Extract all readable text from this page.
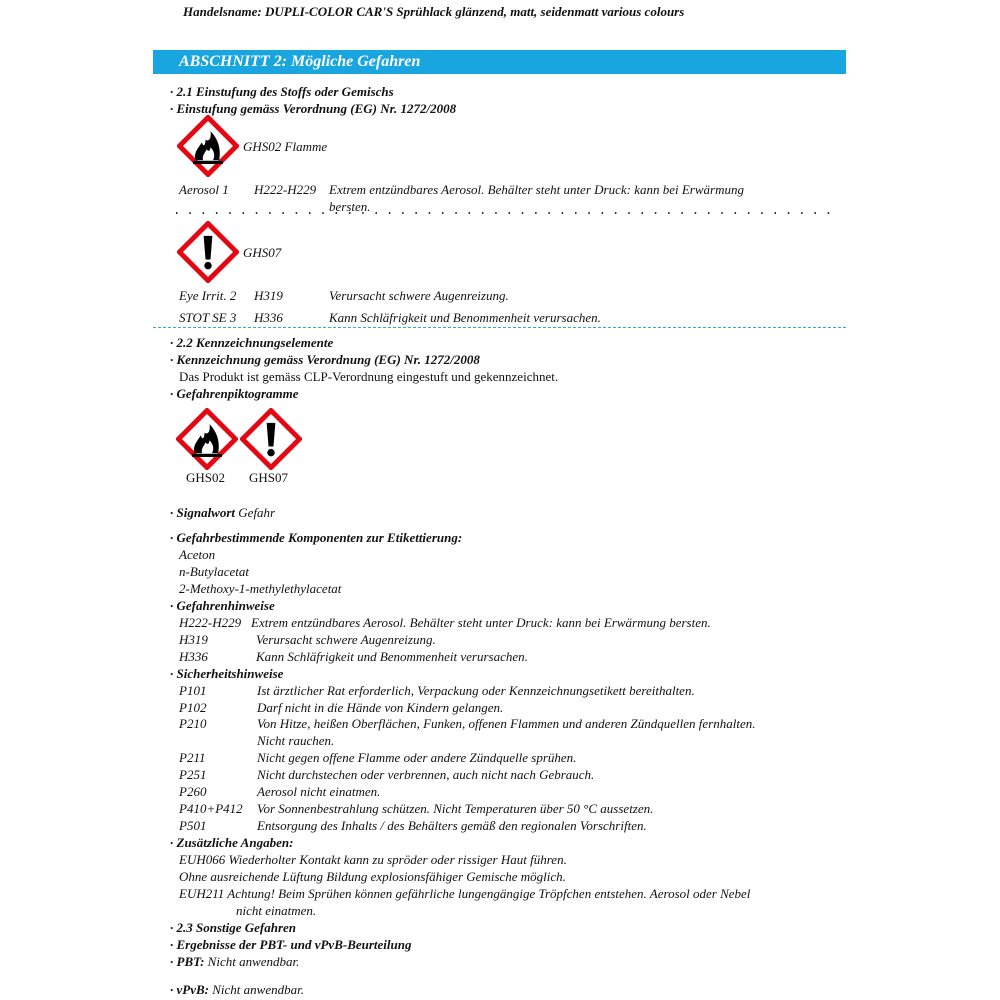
Handelsname: DUPLI-COLOR CAR'S Sprühlack glänzend, matt, seidenmatt various colours
ABSCHNITT 2: Mögliche Gefahren
· 2.1 Einstufung des Stoffs oder Gemischs
· Einstufung gemäss Verordnung (EG) Nr. 1272/2008
GHS02 Flamme
Aerosol 1 H222-H229 Extrem entzündbares Aerosol. Behälter steht unter Druck: kann bei Erwärmung
bersten.
GHS07
Eye Irrit. 2 H319	Verursacht schwere Augenreizung.
STOT SE 3 H336	Kann Schläfrigkeit und Benommenheit verursachen.
· 2.2 Kennzeichnungselemente
· Kennzeichnung gemäss Verordnung (EG) Nr. 1272/2008
Das Produkt ist gemäss CLP-Verordnung eingestuft und gekennzeichnet.
· Gefahrenpiktogramme
GHS02 GHS07
· Signalwort Gefahr
· Gefahrbestimmende Komponenten zur Etikettierung:
Aceton
n-Butylacetat
2-Methoxy-1-methylethylacetat
· Gefahrenhinweise
H222-H229 Extrem entzündbares Aerosol. Behälter steht unter Druck: kann bei Erwärmung bersten.
H319	Verursacht schwere Augenreizung.
H336	Kann Schläfrigkeit und Benommenheit verursachen.
· Sicherheitshinweise
P101	Ist ärztlicher Rat erforderlich, Verpackung oder Kennzeichnungsetikett bereithalten.
P102	Darf nicht in die Hände von Kindern gelangen.
P210	Von Hitze, heißen Oberflächen, Funken, offenen Flammen und anderen Zündquellen fernhalten.
Nicht rauchen.
P211	Nicht gegen offene Flamme oder andere Zündquelle sprühen.
P251	Nicht durchstechen oder verbrennen, auch nicht nach Gebrauch.
P260	Aerosol nicht einatmen.
P410+P412 Vor Sonnenbestrahlung schützen. Nicht Temperaturen über 50 °C aussetzen.
P501	Entsorgung des Inhalts / des Behälters gemäß den regionalen Vorschriften.
· Zusätzliche Angaben:
EUH066 Wiederholter Kontakt kann zu spröder oder rissiger Haut führen.
Ohne ausreichende Lüftung Bildung explosionsfähiger Gemische möglich.
EUH211 Achtung! Beim Sprühen können gefährliche lungengängige Tröpfchen entstehen. Aerosol oder Nebel
nicht einatmen.
· 2.3 Sonstige Gefahren
· Ergebnisse der PBT- und vPvB-Beurteilung
· PBT: Nicht anwendbar.
· vPvB: Nicht anwendbar.
